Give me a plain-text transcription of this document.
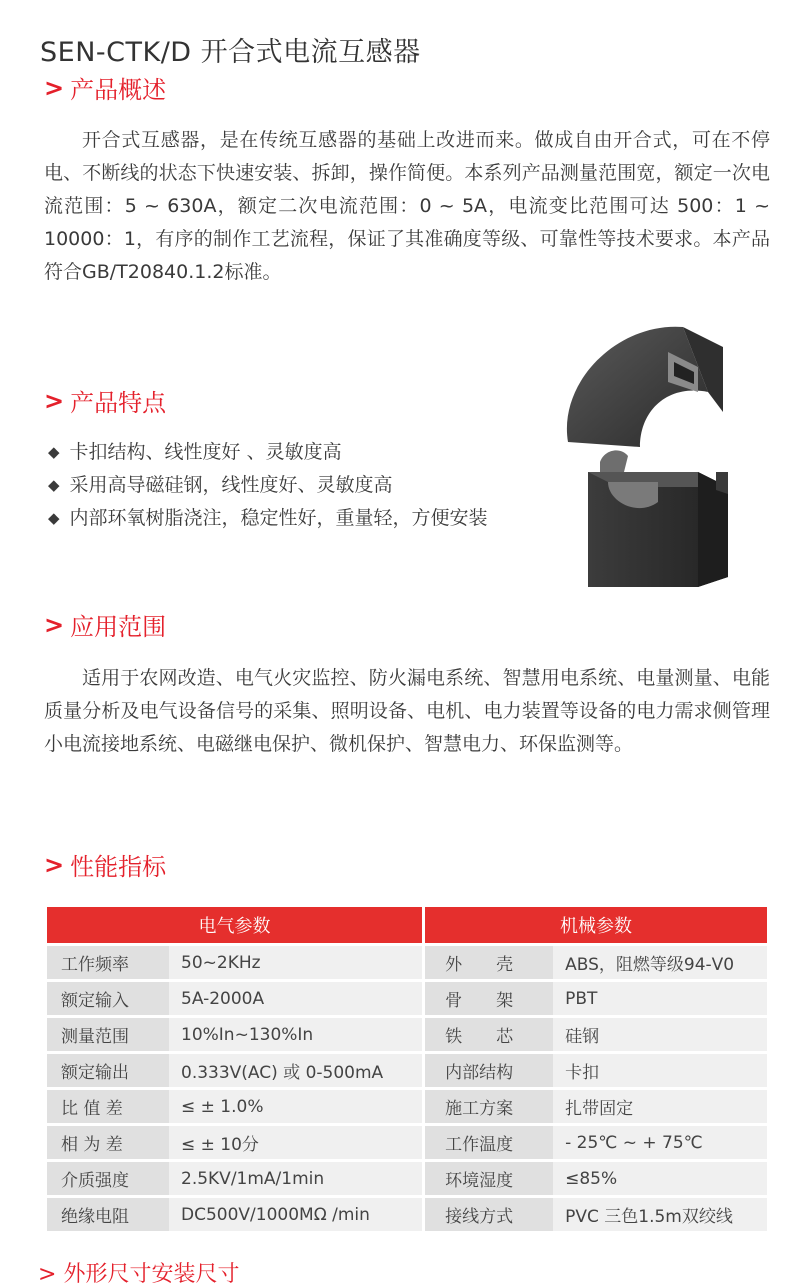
SEN-CTK/D 开合式电流互感器
> 产品概述
开合式互感器，是在传统互感器的基础上改进而来。做成自由开合式，可在不停电、不断线的状态下快速安装、拆卸，操作简便。本系列产品测量范围宽，额定一次电流范围：5 ~ 630A，额定二次电流范围：0 ~ 5A，电流变比范围可达 500：1 ~ 10000：1，有序的制作工艺流程，保证了其准确度等级、可靠性等技术要求。本产品符合GB/T20840.1.2标准。
> 产品特点
◆ 卡扣结构、线性度好 、灵敏度高
◆ 采用高导磁硅钢，线性度好、灵敏度高
◆ 内部环氧树脂浇注，稳定性好，重量轻，方便安装
> 应用范围
适用于农网改造、电气火灾监控、防火漏电系统、智慧用电系统、电量测量、电能质量分析及电气设备信号的采集、照明设备、电机、电力装置等设备的电力需求侧管理小电流接地系统、电磁继电保护、微机保护、智慧电力、环保监测等。
> 性能指标
电气参数			机械参数	
工作频率	50~2KHz		外　　壳	ABS，阻燃等级94-V0
额定输入	5A-2000A		骨　　架	PBT
测量范围	10%In~130%In		铁　　芯	硅钢
额定输出	0.333V(AC) 或 0-500mA		内部结构	卡扣
比 值 差	≤ ± 1.0%		施工方案	扎带固定
相 为 差	≤ ± 10分		工作温度	- 25℃ ~ + 75℃
介质强度	2.5KV/1mA/1min		环境湿度	≤85%
绝缘电阻	DC500V/1000MΩ /min		接线方式	PVC 三色1.5m双绞线
> 外形尺寸安装尺寸
